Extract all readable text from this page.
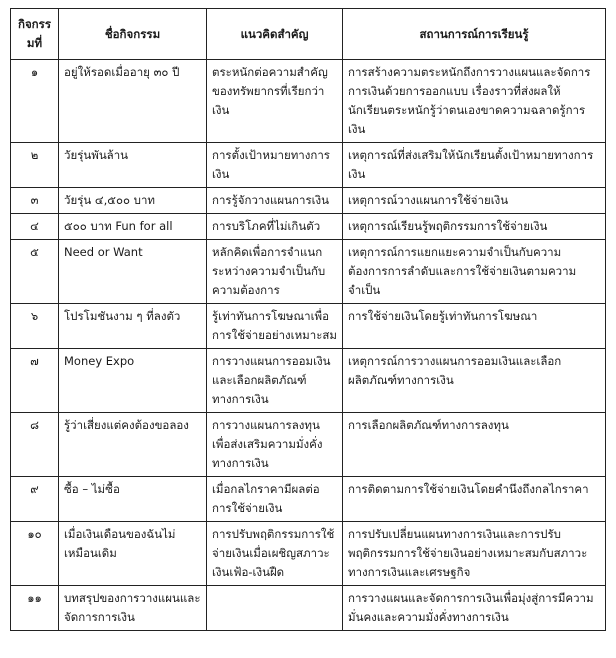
กิจกรรมที่	ชื่อกิจกรรม	แนวคิดสำคัญ	สถานการณ์การเรียนรู้
๑	อยู่ให้รอดเมื่ออายุ ๓๐ ปี	ตระหนักต่อความสำคัญของทรัพยากรที่เรียกว่าเงิน	การสร้างความตระหนักถึงการวางแผนและจัดการการเงินด้วยการออกแบบ เรื่องราวที่ส่งผลให้นักเรียนตระหนักรู้ว่าตนเองขาดความฉลาดรู้การเงิน
๒	วัยรุ่นพันล้าน	การตั้งเป้าหมายทางการเงิน	เหตุการณ์ที่ส่งเสริมให้นักเรียนตั้งเป้าหมายทางการเงิน
๓	วัยรุ่น ๔,๕๐๐ บาท	การรู้จักวางแผนการเงิน	เหตุการณ์วางแผนการใช้จ่ายเงิน
๔	๕๐๐ บาท Fun for all	การบริโภคที่ไม่เกินตัว	เหตุการณ์เรียนรู้พฤติกรรมการใช้จ่ายเงิน
๕	Need or Want	หลักคิดเพื่อการจำแนกระหว่างความจำเป็นกับความต้องการ	เหตุการณ์การแยกแยะความจำเป็นกับความต้องการการลำดับและการใช้จ่ายเงินตามความจำเป็น
๖	โปรโมชันงาม ๆ ที่ลงตัว	รู้เท่าทันการโฆษณาเพื่อการใช้จ่ายอย่างเหมาะสม	การใช้จ่ายเงินโดยรู้เท่าทันการโฆษณา
๗	Money Expo	การวางแผนการออมเงินและเลือกผลิตภัณฑ์ทางการเงิน	เหตุการณ์การวางแผนการออมเงินและเลือกผลิตภัณฑ์ทางการเงิน
๘	รู้ว่าเสี่ยงแต่คงต้องขอลอง	การวางแผนการลงทุนเพื่อส่งเสริมความมั่งคั่งทางการเงิน	การเลือกผลิตภัณฑ์ทางการลงทุน
๙	ซื้อ – ไม่ซื้อ	เมื่อกลไกราคามีผลต่อการใช้จ่ายเงิน	การติดตามการใช้จ่ายเงินโดยคำนึงถึงกลไกราคา
๑๐	เมื่อเงินเดือนของฉันไม่เหมือนเดิม	การปรับพฤติกรรมการใช้จ่ายเงินเมื่อเผชิญสภาวะเงินเฟ้อ-เงินฝืด	การปรับเปลี่ยนแผนทางการเงินและการปรับพฤติกรรมการใช้จ่ายเงินอย่างเหมาะสมกับสภาวะทางการเงินและเศรษฐกิจ
๑๑	บทสรุปของการวางแผนและจัดการการเงิน		การวางแผนและจัดการการเงินเพื่อมุ่งสู่การมีความมั่นคงและความมั่งคั่งทางการเงิน
